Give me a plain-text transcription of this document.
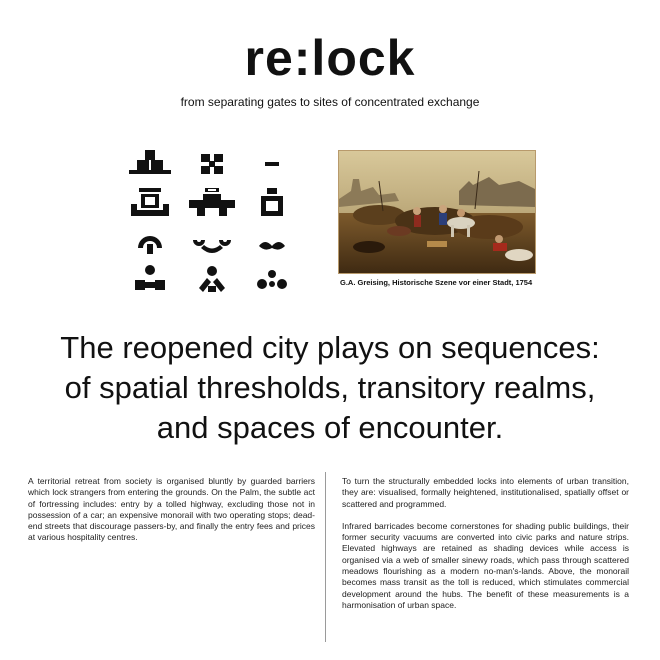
re:lock
from separating gates to sites of concentrated exchange
G.A. Greising, Historische Szene vor einer Stadt, 1754
The reopened city plays on sequences:
of spatial thresholds, transitory realms,
and spaces of encounter.

A territorial retreat from society is organised bluntly by guarded barriers which lock strangers from entering the grounds. On the Palm, the subtle act of fortressing includes: entry by a tolled highway, excluding those not in possession of a car; an expensive monorail with two operating stops; dead-end streets that discourage passers-by, and finally the entry fees and prices at various hospitality centres.

To turn the structurally embedded locks into elements of urban transition, they are: visualised, formally heightened, institutionalised, spatially offset or scattered and programmed.

Infrared barricades become cornerstones for shading public buildings, their former security vacuums are converted into civic parks and nature strips. Elevated highways are retained as shading devices while access is organised via a web of smaller sinewy roads, which pass through scattered meadows flourishing as a modern no-man's-lands. Above, the monorail becomes mass transit as the toll is reduced, which stimulates commercial development around the hubs. The benefit of these measurements is a harmonisation of urban space.
